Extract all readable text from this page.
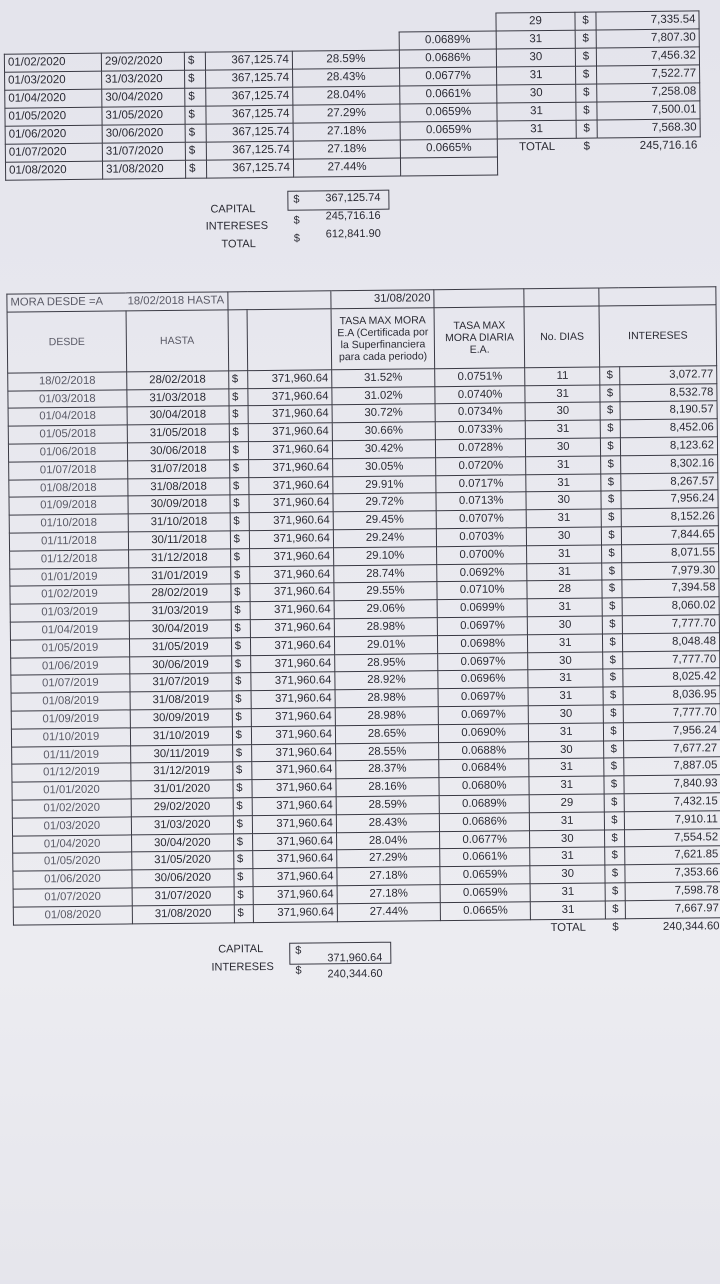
						29	$	7,335.54
					0.0689%	31	$	7,807.30
01/02/2020	29/02/2020	$	367,125.74	28.59%	0.0686%	30	$	7,456.32
01/03/2020	31/03/2020	$	367,125.74	28.43%	0.0677%	31	$	7,522.77
01/04/2020	30/04/2020	$	367,125.74	28.04%	0.0661%	30	$	7,258.08
01/05/2020	31/05/2020	$	367,125.74	27.29%	0.0659%	31	$	7,500.01
01/06/2020	30/06/2020	$	367,125.74	27.18%	0.0659%	31	$	7,568.30
01/07/2020	31/07/2020	$	367,125.74	27.18%	0.0665%	TOTAL	$	245,716.16
01/08/2020	31/08/2020	$	367,125.74	27.44%				
CAPITAL
$ 367,125.74
INTERESES $ 245,716.16
TOTAL	$ 612,841.90
MORA DESDE =A 18/02/2018 HASTA				31/08/2020				
DESDE	HASTA			TASA MAX MORA E.A (Certificada por la Superfinanciera para cada periodo)	TASA MAX MORA DIARIA E.A.	No. DIAS	INTERESES	
18/02/2018	28/02/2018	$	371,960.64	31.52%	0.0751%	11	$	3,072.77
01/03/2018	31/03/2018	$	371,960.64	31.02%	0.0740%	31	$	8,532.78
01/04/2018	30/04/2018	$	371,960.64	30.72%	0.0734%	30	$	8,190.57
01/05/2018	31/05/2018	$	371,960.64	30.66%	0.0733%	31	$	8,452.06
01/06/2018	30/06/2018	$	371,960.64	30.42%	0.0728%	30	$	8,123.62
01/07/2018	31/07/2018	$	371,960.64	30.05%	0.0720%	31	$	8,302.16
01/08/2018	31/08/2018	$	371,960.64	29.91%	0.0717%	31	$	8,267.57
01/09/2018	30/09/2018	$	371,960.64	29.72%	0.0713%	30	$	7,956.24
01/10/2018	31/10/2018	$	371,960.64	29.45%	0.0707%	31	$	8,152.26
01/11/2018	30/11/2018	$	371,960.64	29.24%	0.0703%	30	$	7,844.65
01/12/2018	31/12/2018	$	371,960.64	29.10%	0.0700%	31	$	8,071.55
01/01/2019	31/01/2019	$	371,960.64	28.74%	0.0692%	31	$	7,979.30
01/02/2019	28/02/2019	$	371,960.64	29.55%	0.0710%	28	$	7,394.58
01/03/2019	31/03/2019	$	371,960.64	29.06%	0.0699%	31	$	8,060.02
01/04/2019	30/04/2019	$	371,960.64	28.98%	0.0697%	30	$	7,777.70
01/05/2019	31/05/2019	$	371,960.64	29.01%	0.0698%	31	$	8,048.48
01/06/2019	30/06/2019	$	371,960.64	28.95%	0.0697%	30	$	7,777.70
01/07/2019	31/07/2019	$	371,960.64	28.92%	0.0696%	31	$	8,025.42
01/08/2019	31/08/2019	$	371,960.64	28.98%	0.0697%	31	$	8,036.95
01/09/2019	30/09/2019	$	371,960.64	28.98%	0.0697%	30	$	7,777.70
01/10/2019	31/10/2019	$	371,960.64	28.65%	0.0690%	31	$	7,956.24
01/11/2019	30/11/2019	$	371,960.64	28.55%	0.0688%	30	$	7,677.27
01/12/2019	31/12/2019	$	371,960.64	28.37%	0.0684%	31	$	7,887.05
01/01/2020	31/01/2020	$	371,960.64	28.16%	0.0680%	31	$	7,840.93
01/02/2020	29/02/2020	$	371,960.64	28.59%	0.0689%	29	$	7,432.15
01/03/2020	31/03/2020	$	371,960.64	28.43%	0.0686%	31	$	7,910.11
01/04/2020	30/04/2020	$	371,960.64	28.04%	0.0677%	30	$	7,554.52
01/05/2020	31/05/2020	$	371,960.64	27.29%	0.0661%	31	$	7,621.85
01/06/2020	30/06/2020	$	371,960.64	27.18%	0.0659%	30	$	7,353.66
01/07/2020	31/07/2020	$	371,960.64	27.18%	0.0659%	31	$	7,598.78
01/08/2020	31/08/2020	$	371,960.64	27.44%	0.0665%	31	$	7,667.97
						TOTAL	$	240,344.60
CAPITAL	$
371,960.64
INTERESES $ 240,344.60
